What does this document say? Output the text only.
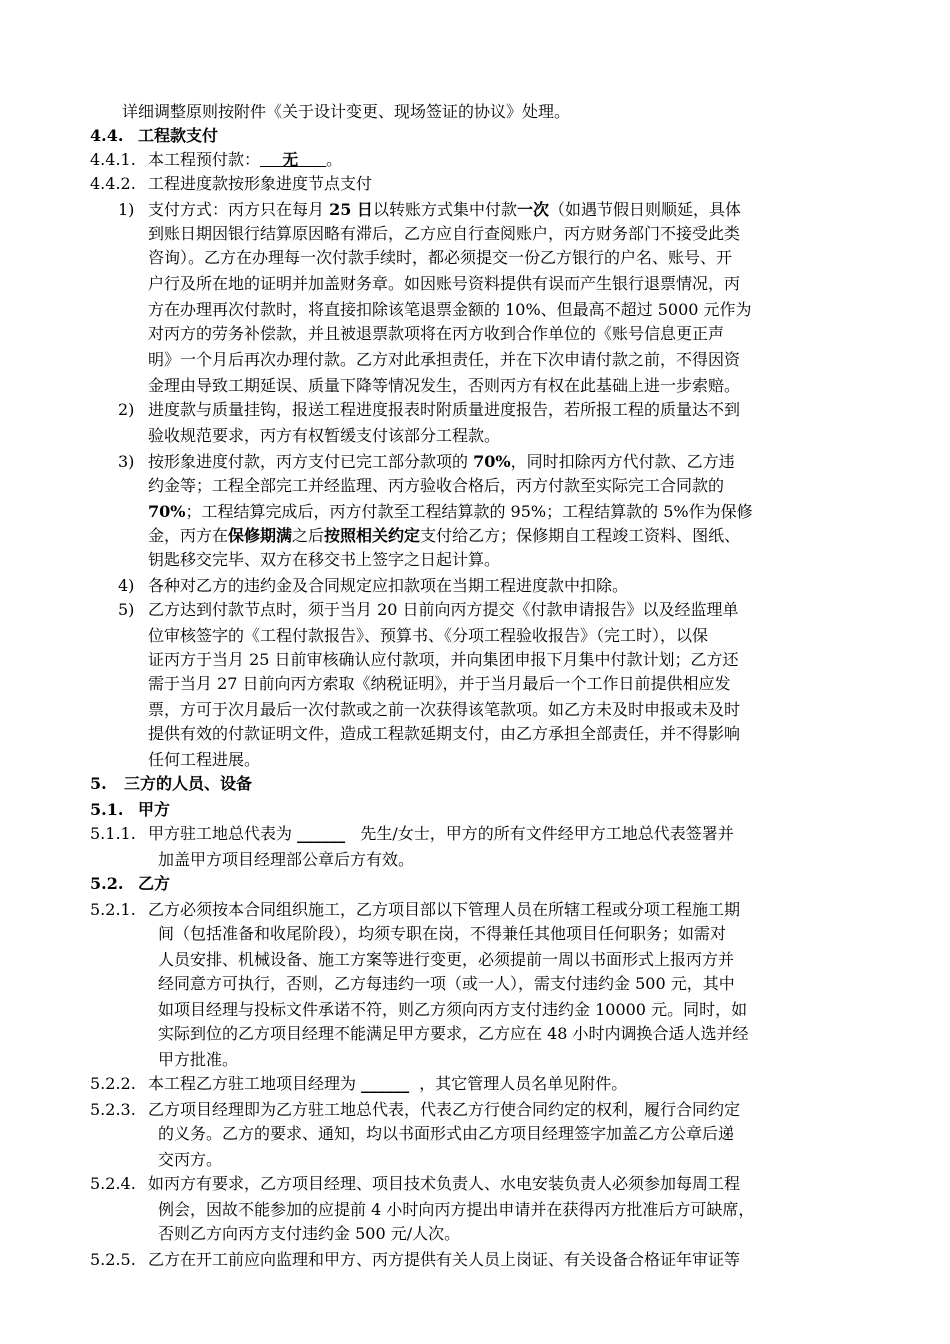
详细调整原则按附件《关于设计变更、现场签证的协议》处理。
4.4. 工程款支付
4.4.1. 本工程预付款： 无 。
4.4.2. 工程进度款按形象进度节点支付
1) 支付方式：丙方只在每月 25 日以转账方式集中付款一次（如遇节假日则顺延，具体
到账日期因银行结算原因略有滞后，乙方应自行查阅账户，丙方财务部门不接受此类
咨询）。乙方在办理每一次付款手续时，都必须提交一份乙方银行的户名、账号、开
户行及所在地的证明并加盖财务章。如因账号资料提供有误而产生银行退票情况，丙
方在办理再次付款时，将直接扣除该笔退票金额的 10%、但最高不超过 5000 元作为
对丙方的劳务补偿款，并且被退票款项将在丙方收到合作单位的《账号信息更正声
明》一个月后再次办理付款。乙方对此承担责任，并在下次申请付款之前，不得因资
金理由导致工期延误、质量下降等情况发生，否则丙方有权在此基础上进一步索赔。
2) 进度款与质量挂钩，报送工程进度报表时附质量进度报告，若所报工程的质量达不到
验收规范要求，丙方有权暂缓支付该部分工程款。
3) 按形象进度付款，丙方支付已完工部分款项的 70%，同时扣除丙方代付款、乙方违
约金等；工程全部完工并经监理、丙方验收合格后，丙方付款至实际完工合同款的
70%；工程结算完成后，丙方付款至工程结算款的 95%；工程结算款的 5%作为保修
金，丙方在保修期满之后按照相关约定支付给乙方；保修期自工程竣工资料、图纸、
钥匙移交完毕、双方在移交书上签字之日起计算。
4) 各种对乙方的违约金及合同规定应扣款项在当期工程进度款中扣除。
5) 乙方达到付款节点时，须于当月 20 日前向丙方提交《付款申请报告》以及经监理单
位审核签字的《工程付款报告》、预算书、《分项工程验收报告》（完工时），以保
证丙方于当月 25 日前审核确认应付款项，并向集团申报下月集中付款计划；乙方还
需于当月 27 日前向丙方索取《纳税证明》，并于当月最后一个工作日前提供相应发
票，方可于次月最后一次付款或之前一次获得该笔款项。如乙方未及时申报或未及时
提供有效的付款证明文件，造成工程款延期支付，由乙方承担全部责任，并不得影响
任何工程进展。
5. 三方的人员、设备
5.1. 甲方
5.1.1. 甲方驻工地总代表为 ______ 先生/女士，甲方的所有文件经甲方工地总代表签署并
加盖甲方项目经理部公章后方有效。
5.2. 乙方
5.2.1. 乙方必须按本合同组织施工，乙方项目部以下管理人员在所辖工程或分项工程施工期
间（包括准备和收尾阶段），均须专职在岗，不得兼任其他项目任何职务；如需对
人员安排、机械设备、施工方案等进行变更，必须提前一周以书面形式上报丙方并
经同意方可执行，否则，乙方每违约一项（或一人），需支付违约金 500 元，其中
如项目经理与投标文件承诺不符，则乙方须向丙方支付违约金 10000 元。同时，如
实际到位的乙方项目经理不能满足甲方要求，乙方应在 48 小时内调换合适人选并经
甲方批准。
5.2.2. 本工程乙方驻工地项目经理为 ______ ，其它管理人员名单见附件。
5.2.3. 乙方项目经理即为乙方驻工地总代表，代表乙方行使合同约定的权利，履行合同约定
的义务。乙方的要求、通知，均以书面形式由乙方项目经理签字加盖乙方公章后递
交丙方。
5.2.4. 如丙方有要求，乙方项目经理、项目技术负责人、水电安装负责人必须参加每周工程
例会，因故不能参加的应提前 4 小时向丙方提出申请并在获得丙方批准后方可缺席，
否则乙方向丙方支付违约金 500 元/人次。
5.2.5. 乙方在开工前应向监理和甲方、丙方提供有关人员上岗证、有关设备合格证年审证等
